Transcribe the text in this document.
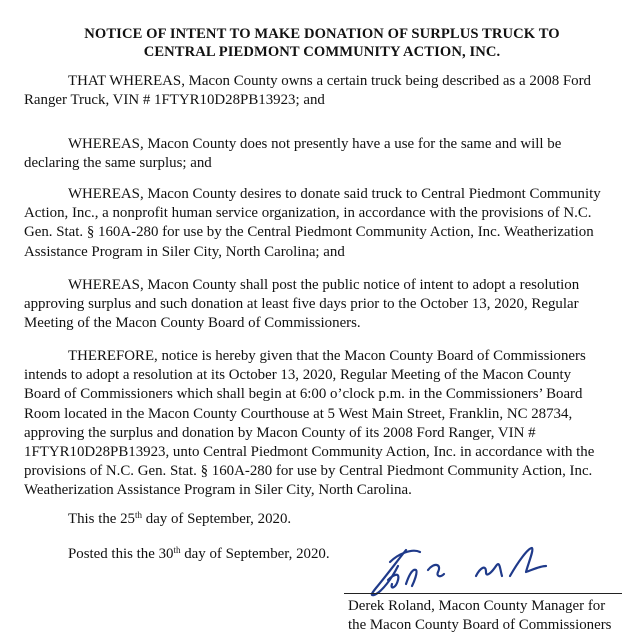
NOTICE OF INTENT TO MAKE DONATION OF SURPLUS TRUCK TO
CENTRAL PIEDMONT COMMUNITY ACTION, INC.

THAT WHEREAS, Macon County owns a certain truck being described as a 2008 Ford
Ranger Truck, VIN # 1FTYR10D28PB13923; and

WHEREAS, Macon County does not presently have a use for the same and will be
declaring the same surplus; and

WHEREAS, Macon County desires to donate said truck to Central Piedmont Community
Action, Inc., a nonprofit human service organization, in accordance with the provisions of N.C.
Gen. Stat. § 160A-280 for use by the Central Piedmont Community Action, Inc. Weatherization
Assistance Program in Siler City, North Carolina; and

WHEREAS, Macon County shall post the public notice of intent to adopt a resolution
approving surplus and such donation at least five days prior to the October 13, 2020, Regular
Meeting of the Macon County Board of Commissioners.

THEREFORE, notice is hereby given that the Macon County Board of Commissioners
intends to adopt a resolution at its October 13, 2020, Regular Meeting of the Macon County
Board of Commissioners which shall begin at 6:00 o’clock p.m. in the Commissioners’ Board
Room located in the Macon County Courthouse at 5 West Main Street, Franklin, NC 28734,
approving the surplus and donation by Macon County of its 2008 Ford Ranger, VIN #
1FTYR10D28PB13923, unto Central Piedmont Community Action, Inc. in accordance with the
provisions of N.C. Gen. Stat. § 160A-280 for use by Central Piedmont Community Action, Inc.
Weatherization Assistance Program in Siler City, North Carolina.

This the 25th day of September, 2020.

Posted this the 30th day of September, 2020.

Derek Roland, Macon County Manager for
the Macon County Board of Commissioners
